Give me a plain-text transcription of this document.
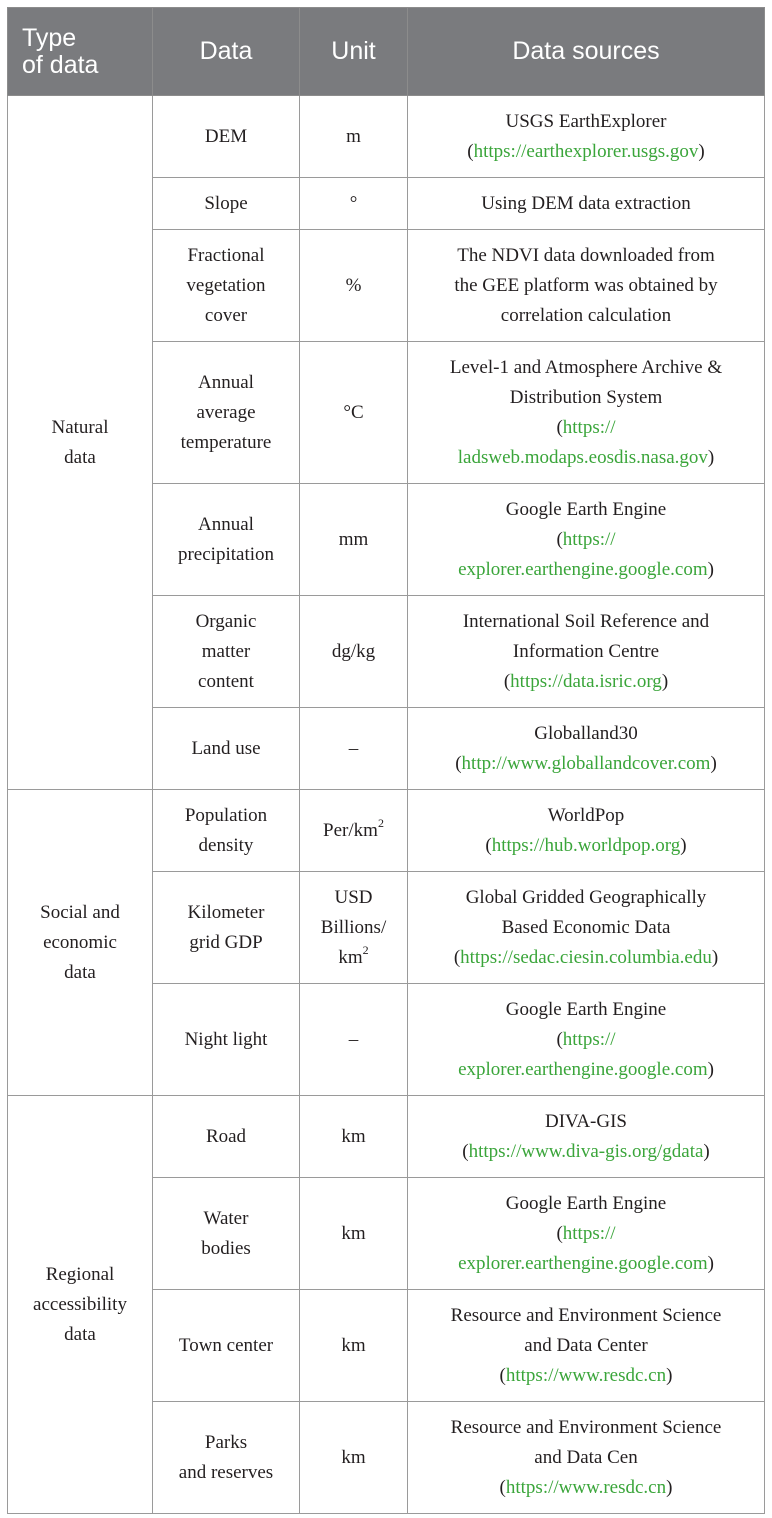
Type
of data	Data	Unit	Data sources

Natural
data	DEM	m	USGS EarthExplorer
(https://earthexplorer.usgs.gov)

	Slope	°	Using DEM data extraction

	Fractional
vegetation
cover	%	The NDVI data downloaded from
the GEE platform was obtained by
correlation calculation

	Annual
average
temperature	°C	Level-1 and Atmosphere Archive &
Distribution System
(https://
ladsweb.modaps.eosdis.nasa.gov)

	Annual
precipitation	mm	Google Earth Engine
(https://
explorer.earthengine.google.com)

	Organic
matter
content	dg/kg	International Soil Reference and
Information Centre
(https://data.isric.org)

	Land use	–	Globalland30
(http://www.globallandcover.com)

Social and
economic
data	Population
density	Per/$km^2$	WorldPop
(https://hub.worldpop.org)

	Kilometer
grid GDP	USD
Billions/
$km^2$	Global Gridded Geographically
Based Economic Data
(https://sedac.ciesin.columbia.edu)

	Night light	–	Google Earth Engine
(https://
explorer.earthengine.google.com)

Regional
accessibility
data	Road	km	DIVA-GIS
(https://www.diva-gis.org/gdata)

	Water
bodies	km	Google Earth Engine
(https://
explorer.earthengine.google.com)

	Town center	km	Resource and Environment Science
and Data Center
(https://www.resdc.cn)

	Parks
and reserves	km	Resource and Environment Science
and Data Cen
(https://www.resdc.cn)
